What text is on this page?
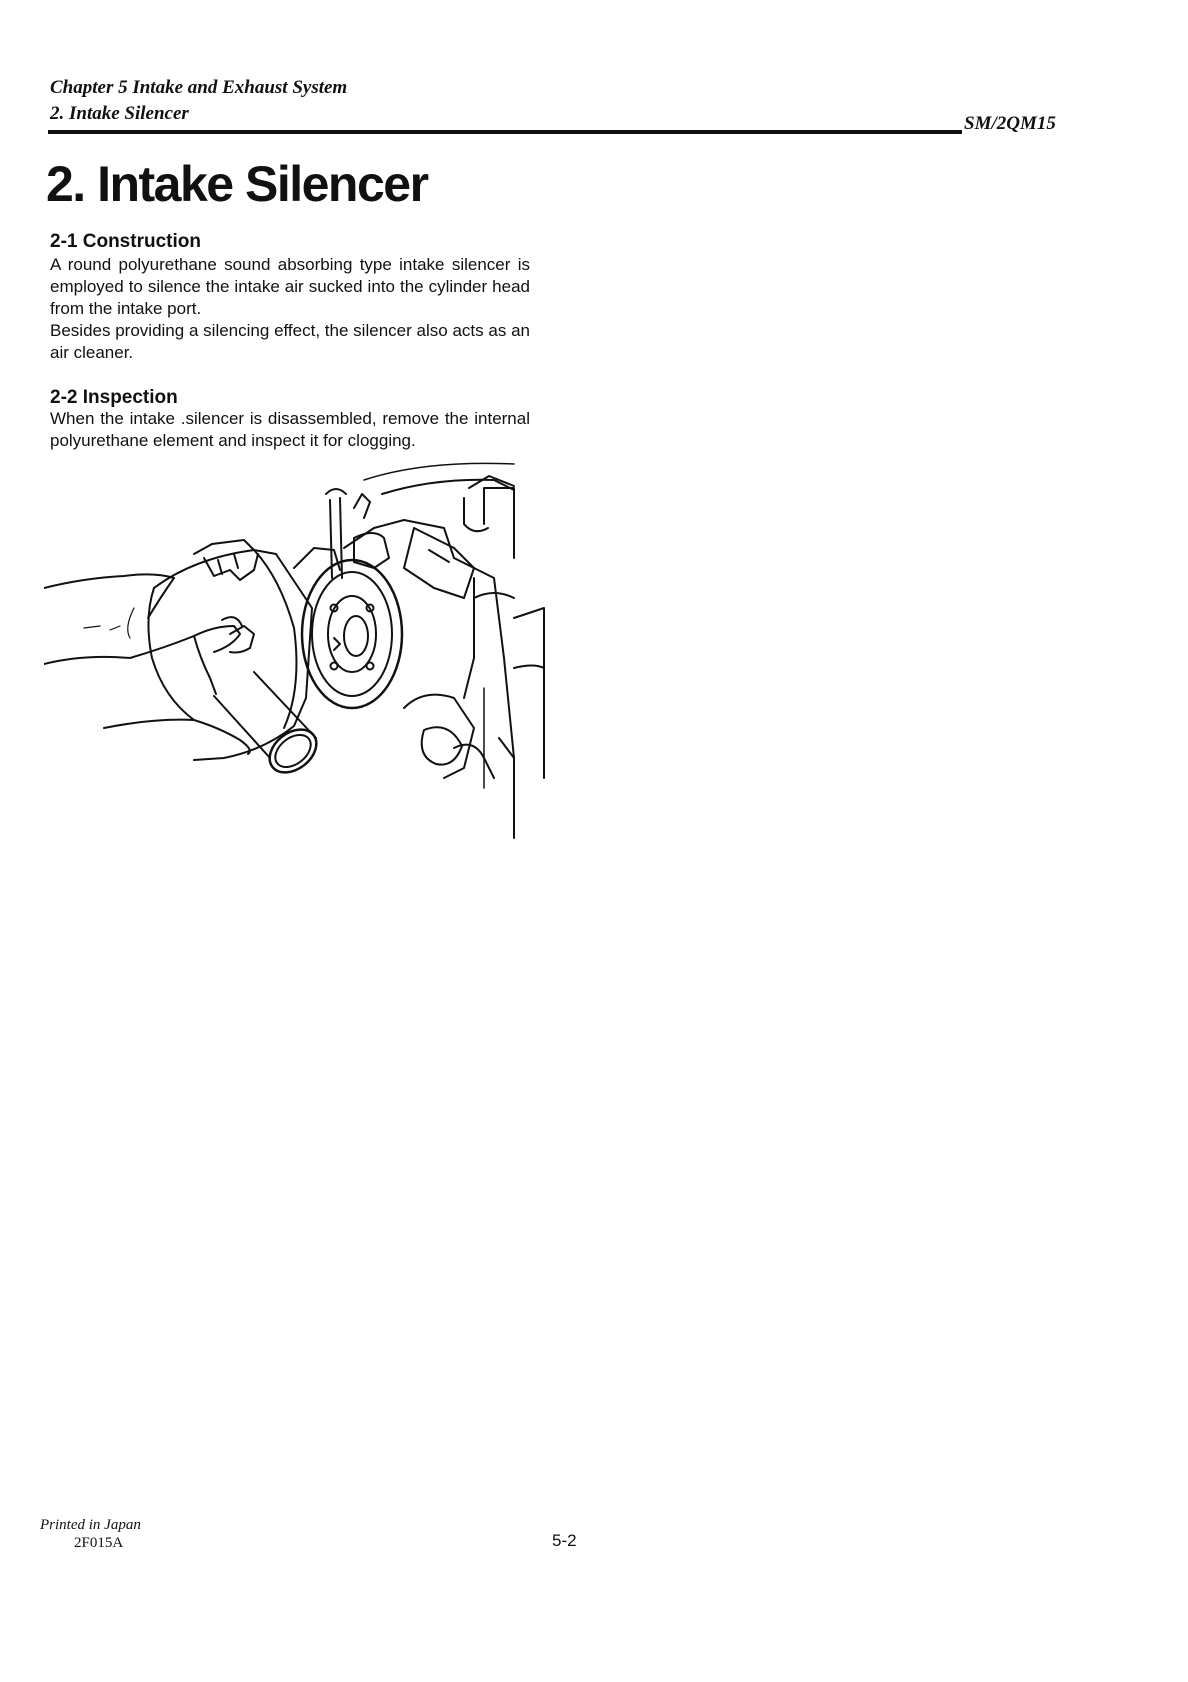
Chapter 5 Intake and Exhaust System
2. Intake Silencer	SM/2QM15
2. Intake Silencer
2-1 Construction

A round polyurethane sound absorbing type intake silencer is employed to silence the intake air sucked into the cylinder head from the intake port.

Besides providing a silencing effect, the silencer also acts as an air cleaner.

2-2 Inspection

When the intake .silencer is disassembled, remove the internal polyurethane element and inspect it for clogging.

Printed in Japan
2F015A	5-2
